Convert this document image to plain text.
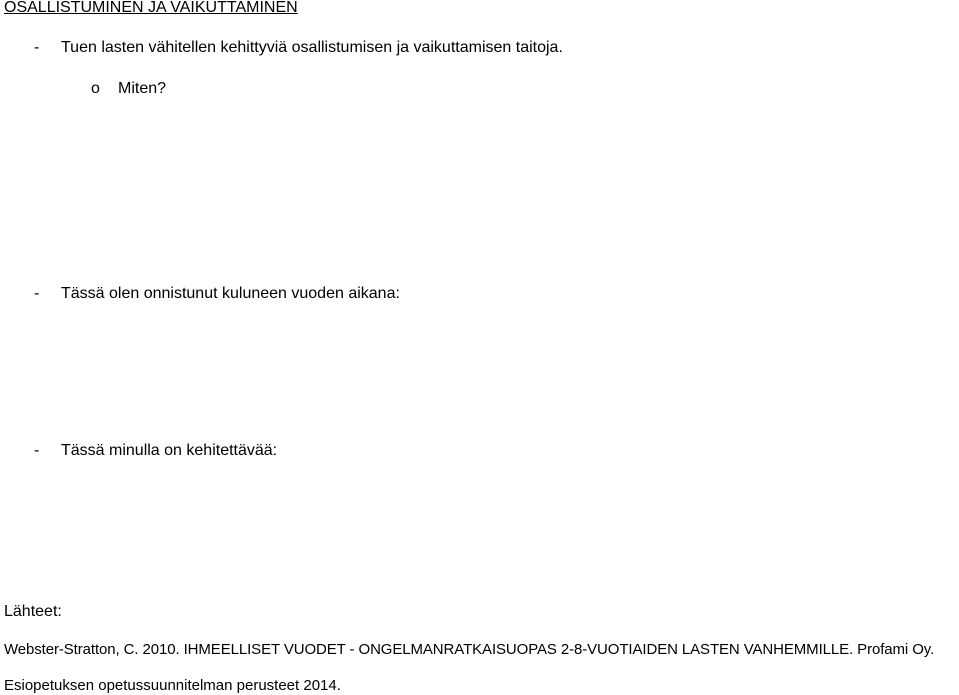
OSALLISTUMINEN JA VAIKUTTAMINEN
- Tuen lasten vähitellen kehittyviä osallistumisen ja vaikuttamisen taitoja.
o Miten?
- Tässä olen onnistunut kuluneen vuoden aikana:
- Tässä minulla on kehitettävää:
Lähteet:
Webster-Stratton, C. 2010. IHMEELLISET VUODET - ONGELMANRATKAISUOPAS 2-8-VUOTIAIDEN LASTEN VANHEMMILLE. Profami Oy.
Esiopetuksen opetussuunnitelman perusteet 2014.
